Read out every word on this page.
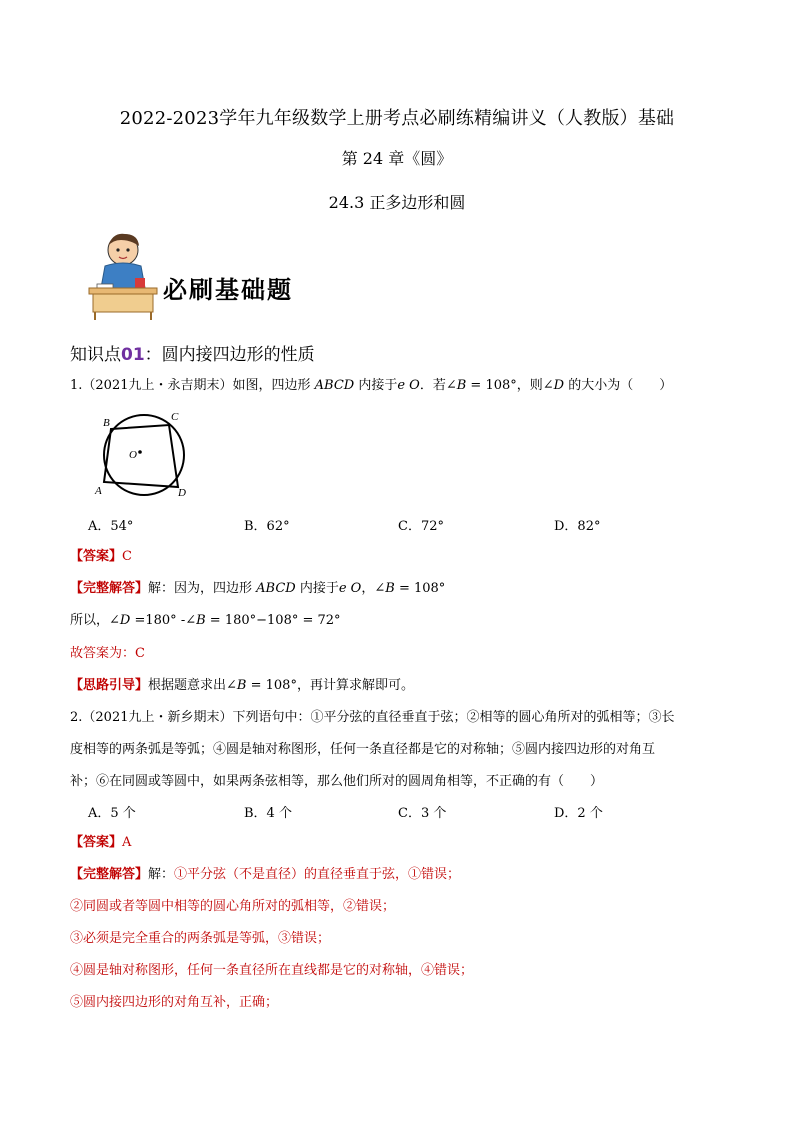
2022-2023学年九年级数学上册考点必刷练精编讲义（人教版）基础
第 24 章《圆》
24.3 正多边形和圆
必刷基础题
知识点01：圆内接四边形的性质
1.（2021九上・永吉期末）如图，四边形 ABCD 内接于e O．若∠B = 108°，则∠D 的大小为（　　）
B	C
O
A	D
A．54°	B．62°	C．72°	D．82°
【答案】C
【完整解答】解：因为，四边形 ABCD 内接于e O，∠B = 108°
所以，∠D =180° -∠B = 180°−108° = 72°
故答案为：C
【思路引导】根据题意求出∠B = 108°，再计算求解即可。
2.（2021九上・新乡期末）下列语句中：①平分弦的直径垂直于弦；②相等的圆心角所对的弧相等；③长
度相等的两条弧是等弧；④圆是轴对称图形，任何一条直径都是它的对称轴；⑤圆内接四边形的对角互
补；⑥在同圆或等圆中，如果两条弦相等，那么他们所对的圆周角相等，不正确的有（　　）
A．5 个	B．4 个	C．3 个	D．2 个
【答案】A
【完整解答】解：①平分弦（不是直径）的直径垂直于弦，①错误；
②同圆或者等圆中相等的圆心角所对的弧相等，②错误；
③必须是完全重合的两条弧是等弧，③错误；
④圆是轴对称图形，任何一条直径所在直线都是它的对称轴，④错误；
⑤圆内接四边形的对角互补，正确；
